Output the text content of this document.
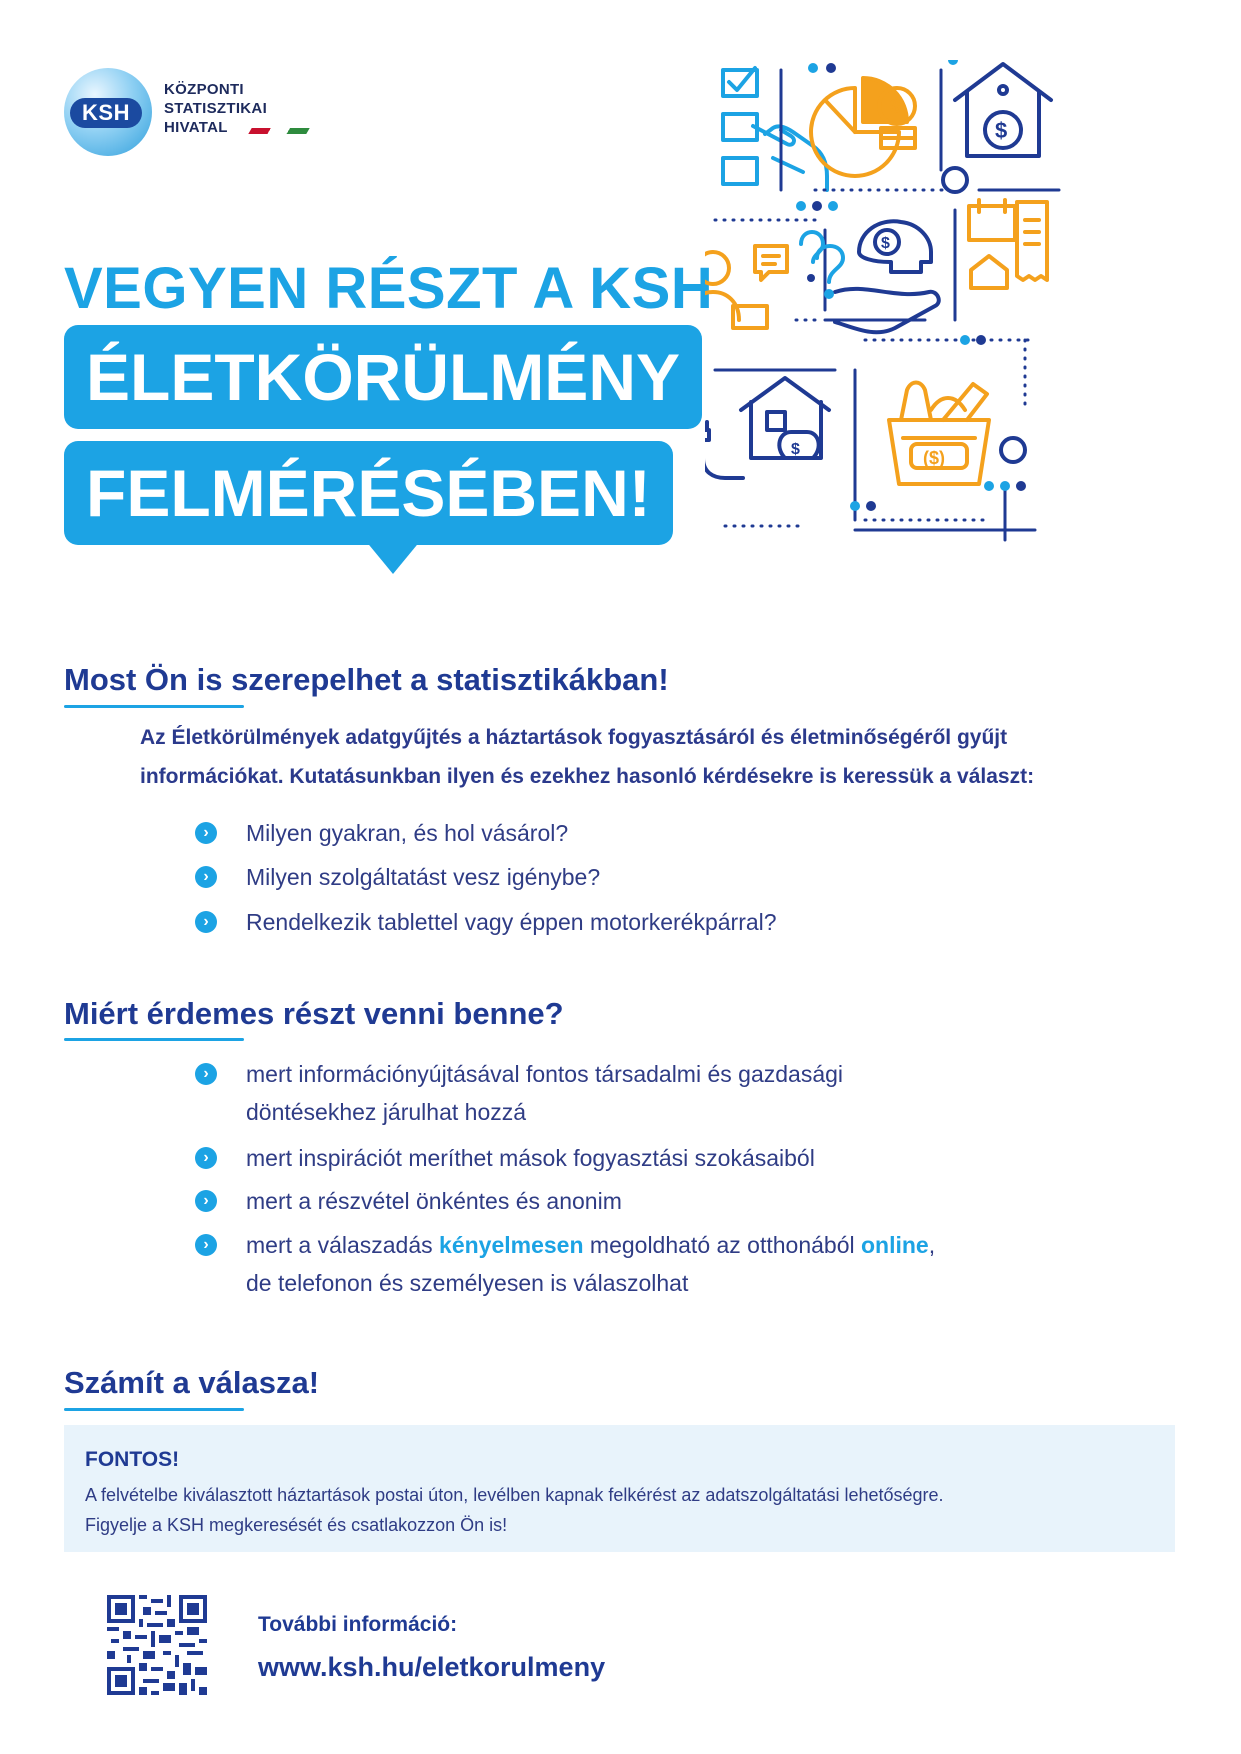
KSH
KÖZPONTI
STATISZTIKAI
HIVATAL
VEGYEN RÉSZT A KSH
ÉLETKÖRÜLMÉNY
FELMÉRÉSÉBEN!
$
$
$
$	($)
Most Ön is szerepelhet a statisztikákban!
Az Életkörülmények adatgyűjtés a háztartások fogyasztásáról és életminőségéről gyűjt
információkat. Kutatásunkban ilyen és ezekhez hasonló kérdésekre is keressük a választ:
›	Milyen gyakran, és hol vásárol?
›	Milyen szolgáltatást vesz igénybe?
›	Rendelkezik tablettel vagy éppen motorkerékpárral?
Miért érdemes részt venni benne?
›	mert információnyújtásával fontos társadalmi és gazdasági
döntésekhez járulhat hozzá
›	mert inspirációt meríthet mások fogyasztási szokásaiból
›	mert a részvétel önkéntes és anonim
›	mert a válaszadás kényelmesen megoldható az otthonából online,
de telefonon és személyesen is válaszolhat
Számít a válasza!
FONTOS!
A felvételbe kiválasztott háztartások postai úton, levélben kapnak felkérést az adatszolgáltatási lehetőségre.
Figyelje a KSH megkeresését és csatlakozzon Ön is!
További információ:
www.ksh.hu/eletkorulmeny
